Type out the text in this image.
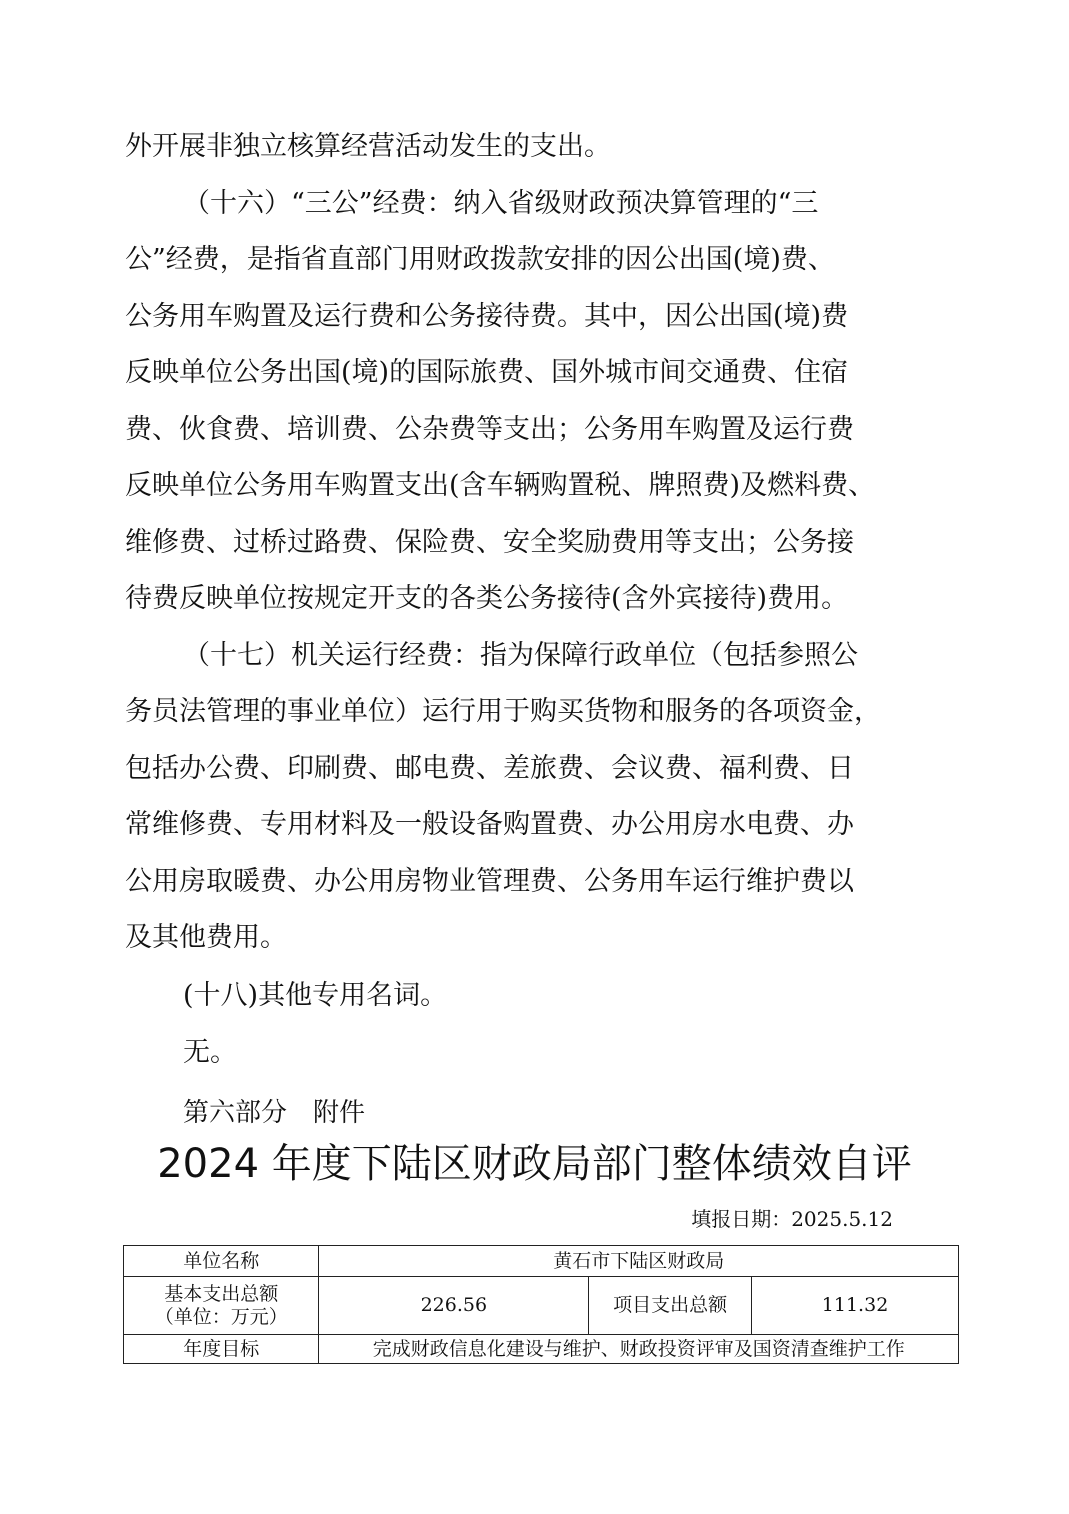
外开展非独立核算经营活动发生的支出。
（十六）“三公”经费：纳入省级财政预决算管理的“三
公”经费，是指省直部门用财政拨款安排的因公出国(境)费、
公务用车购置及运行费和公务接待费。其中，因公出国(境)费
反映单位公务出国(境)的国际旅费、国外城市间交通费、住宿
费、伙食费、培训费、公杂费等支出；公务用车购置及运行费
反映单位公务用车购置支出(含车辆购置税、牌照费)及燃料费、
维修费、过桥过路费、保险费、安全奖励费用等支出；公务接
待费反映单位按规定开支的各类公务接待(含外宾接待)费用。
（十七）机关运行经费：指为保障行政单位（包括参照公
务员法管理的事业单位）运行用于购买货物和服务的各项资金，
包括办公费、印刷费、邮电费、差旅费、会议费、福利费、日
常维修费、专用材料及一般设备购置费、办公用房水电费、办
公用房取暖费、办公用房物业管理费、公务用车运行维护费以
及其他费用。
(十八)其他专用名词。
无。
第六部分　附件
2024 年度下陆区财政局部门整体绩效自评
填报日期：2025.5.12
单位名称	黄石市下陆区财政局		

基本支出总额
（单位：万元）	226.56	项目支出总额	111.32
年度目标	完成财政信息化建设与维护、财政投资评审及国资清查维护工作		
